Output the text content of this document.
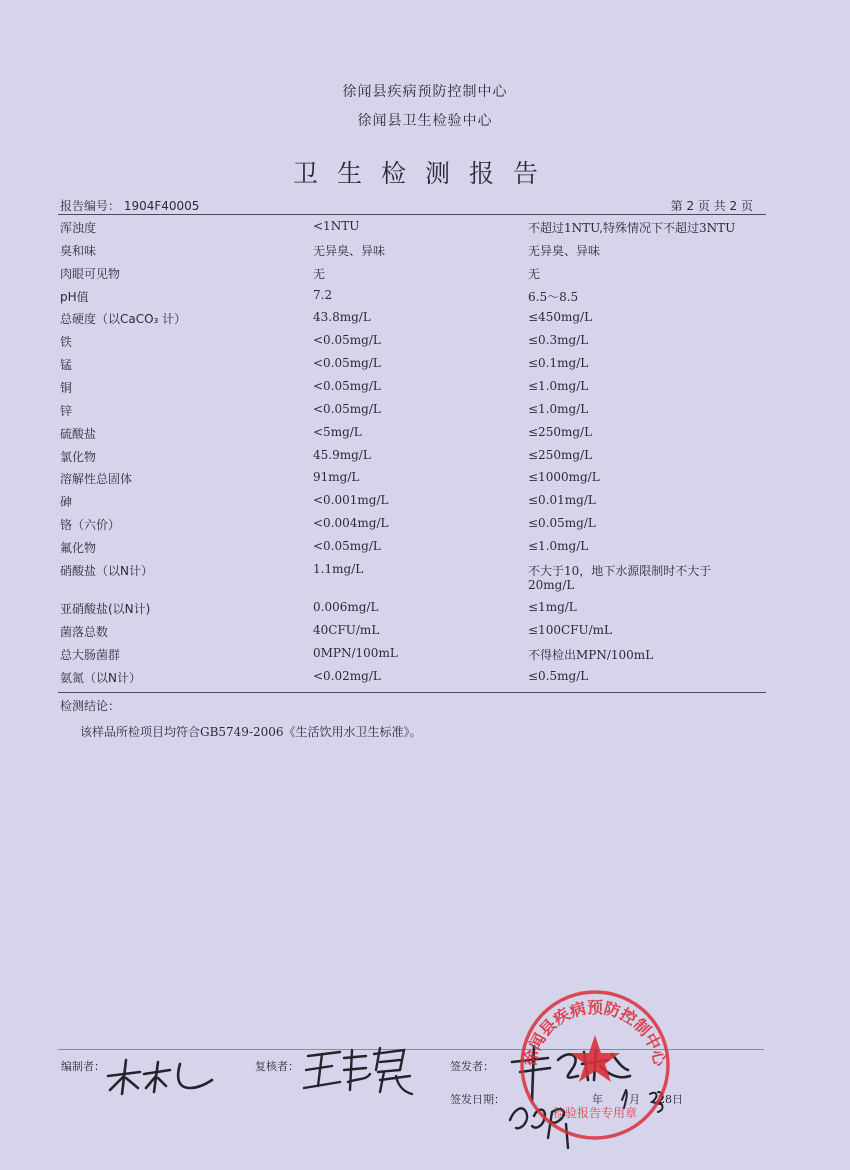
徐闻县疾病预防控制中心
徐闻县卫生检验中心
卫生检测报告
报告编号： 1904F40005	第 2 页 共 2 页
浑浊度	<1NTU	不超过1NTU,特殊情况下不超过3NTU
臭和味	无异臭、异味	无异臭、异味
肉眼可见物	无	无
pH值	7.2	6.5～8.5
总硬度（以CaCO₃ 计）	43.8mg/L	≤450mg/L
铁	<0.05mg/L	≤0.3mg/L
锰	<0.05mg/L	≤0.1mg/L
铜	<0.05mg/L	≤1.0mg/L
锌	<0.05mg/L	≤1.0mg/L
硫酸盐	<5mg/L	≤250mg/L
氯化物	45.9mg/L	≤250mg/L
溶解性总固体	91mg/L	≤1000mg/L
砷	<0.001mg/L	≤0.01mg/L
铬（六价）	<0.004mg/L	≤0.05mg/L
氟化物	<0.05mg/L	≤1.0mg/L
硝酸盐（以N计）	1.1mg/L	不大于10，地下水源限制时不大于
20mg/L
亚硝酸盐(以N计)	0.006mg/L	≤1mg/L
菌落总数	40CFU/mL	≤100CFU/mL
总大肠菌群	0MPN/100mL	不得检出MPN/100mL
氨氮（以N计）	<0.02mg/L	≤0.5mg/L
检测结论：
该样品所检项目均符合GB5749-2006《生活饮用水卫生标准》。
编制者：	复核者：	签发者：
签发日期：	年 月 28日
徐闻县疾病预防控制中心
检验报告专用章
